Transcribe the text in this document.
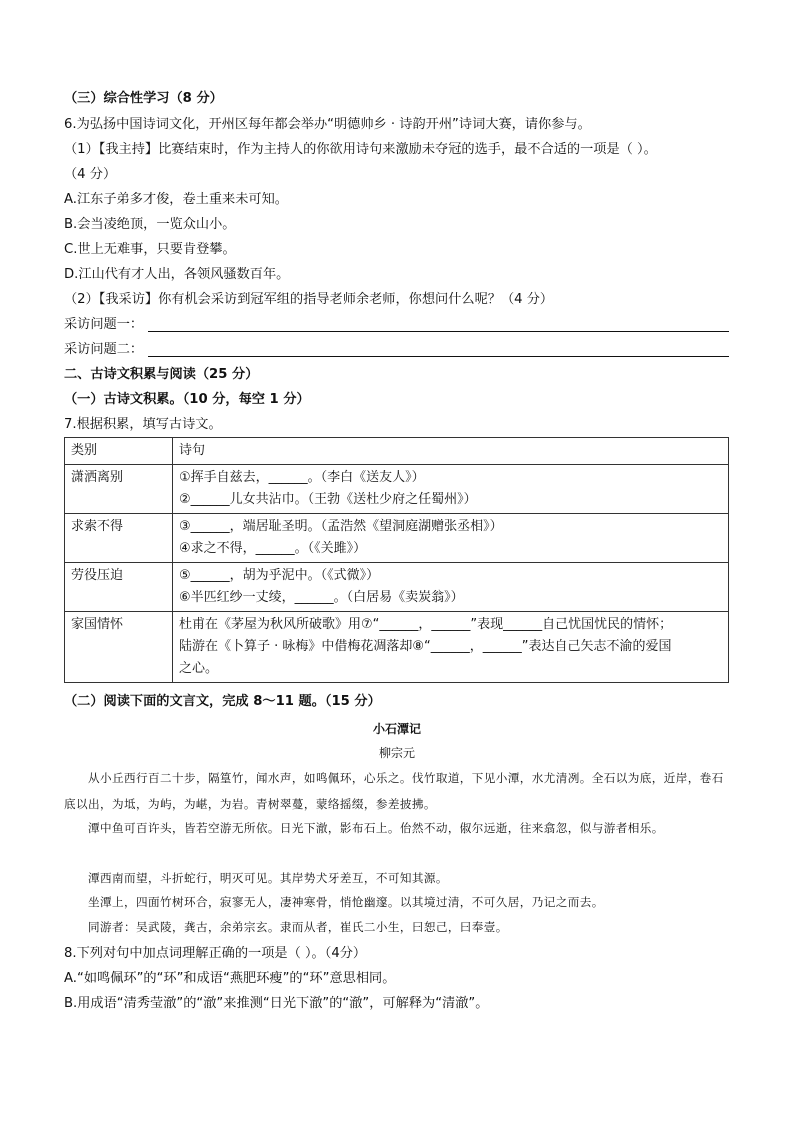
（三）综合性学习（8 分）
6.为弘扬中国诗词文化，开州区每年都会举办“明德帅乡 · 诗韵开州”诗词大赛，请你参与。
（1）【我主持】比赛结束时，作为主持人的你欲用诗句来激励未夺冠的选手，最不合适的一项是（ ）。
（4 分）
A.江东子弟多才俊，卷土重来未可知。
B.会当凌绝顶，一览众山小。
C.世上无难事，只要肯登攀。
D.江山代有才人出，各领风骚数百年。
（2）【我采访】你有机会采访到冠军组的指导老师余老师，你想问什么呢？（4 分）
采访问题一：
采访问题二：
二、古诗文积累与阅读（25 分）
（一）古诗文积累。（10 分，每空 1 分）
7.根据积累，填写古诗文。
类别	诗句
潇洒离别	①挥手自兹去，______。（李白《送友人》）
②______儿女共沾巾。（王勃《送杜少府之任蜀州》）

求索不得	③______，端居耻圣明。（孟浩然《望洞庭湖赠张丞相》）
④求之不得，______。（《关雎》）

劳役压迫	⑤______，胡为乎泥中。（《式微》）
⑥半匹红纱一丈绫，______。（白居易《卖炭翁》）

家国情怀	杜甫在《茅屋为秋风所破歌》用⑦“______，______”表现______自己忧国忧民的情怀；
陆游在《卜算子 · 咏梅》中借梅花凋落却⑧“______，______”表达自己矢志不渝的爱国
之心。
（二）阅读下面的文言文，完成 8～11 题。（15 分）
小石潭记
柳宗元
从小丘西行百二十步，隔篁竹，闻水声，如鸣佩环，心乐之。伐竹取道，下见小潭，水尤清冽。全石以为底，近岸，卷石底以出，为坻，为屿，为嵁，为岩。青树翠蔓，蒙络摇缀，参差披拂。
潭中鱼可百许头，皆若空游无所依。日光下澈，影布石上。佁然不动，俶尔远逝，往来翕忽，似与游者相乐。
潭西南而望，斗折蛇行，明灭可见。其岸势犬牙差互，不可知其源。
坐潭上，四面竹树环合，寂寥无人，凄神寒骨，悄怆幽邃。以其境过清，不可久居，乃记之而去。
同游者：吴武陵，龚古，余弟宗玄。隶而从者，崔氏二小生，曰恕己，曰奉壹。
8.下列对句中加点词理解正确的一项是（ ）。（4分）
A.“如鸣佩环”的“环”和成语“燕肥环瘦”的“环”意思相同。
B.用成语“清秀莹澈”的“澈”来推测“日光下澈”的“澈”，可解释为“清澈”。
